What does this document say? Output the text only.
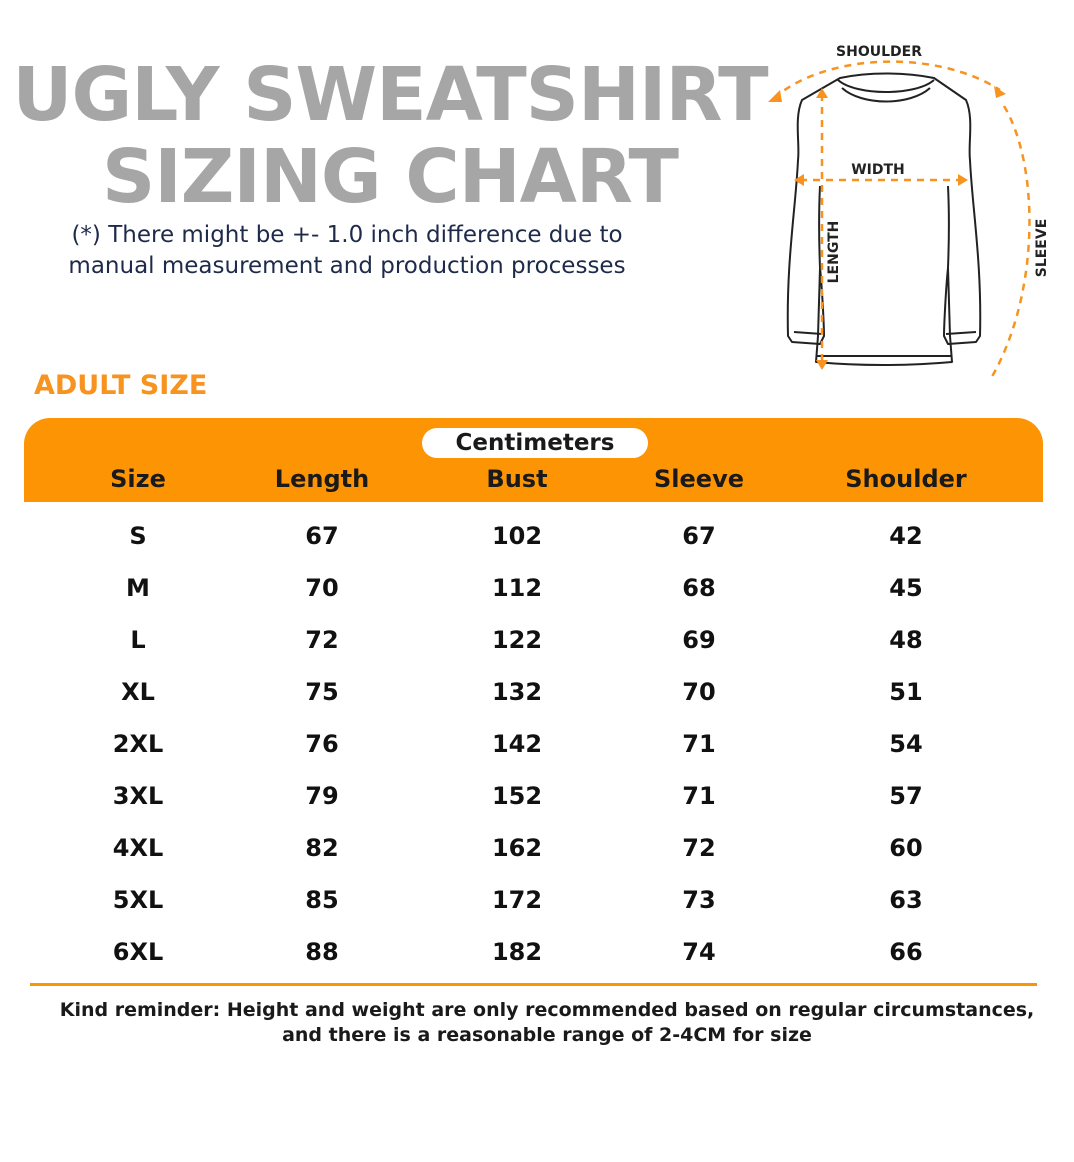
UGLY SWEATSHIRT
SIZING CHART
(*) There might be +- 1.0 inch difference due to
manual measurement and production processes
ADULT SIZE
SHOULDER
WIDTH
LENGTH	SLEEVE
Centimeters
Size	Length	Bust	Sleeve	Shoulder
S	67	102	67	42
M	70	112	68	45
L	72	122	69	48
XL	75	132	70	51
2XL	76	142	71	54
3XL	79	152	71	57
4XL	82	162	72	60
5XL	85	172	73	63
6XL	88	182	74	66
Kind reminder: Height and weight are only recommended based on regular circumstances,
and there is a reasonable range of 2-4CM for size
